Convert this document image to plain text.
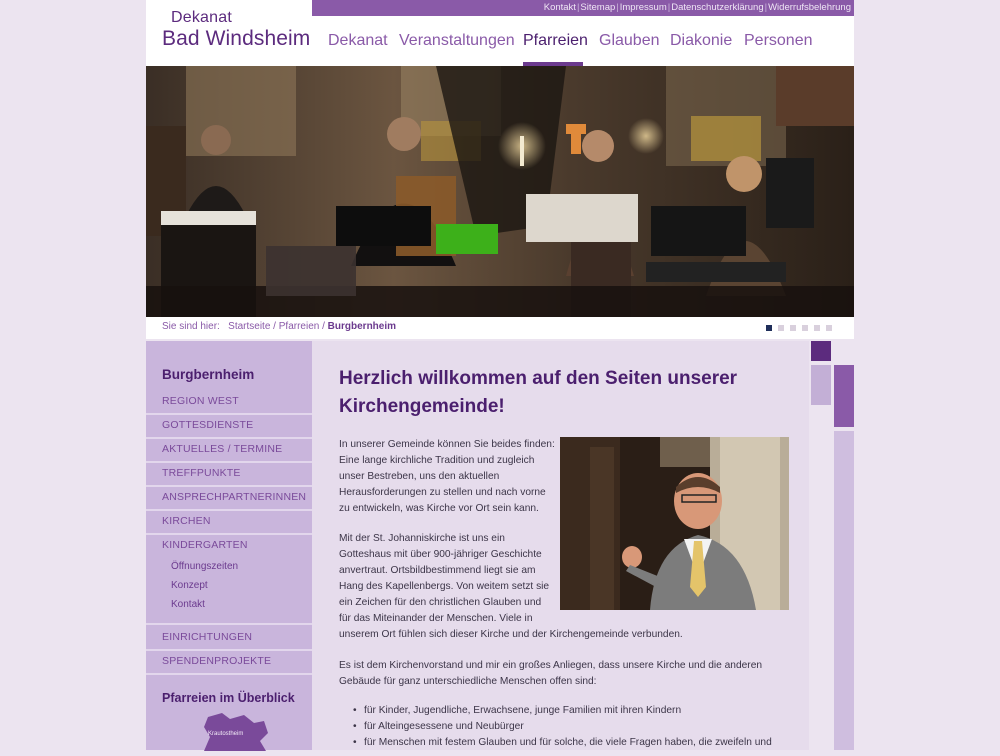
Dekanat
Bad Windsheim
Kontakt|Sitemap|Impressum|Datenschutzerklärung|Widerrufsbelehrung
Dekanat Veranstaltungen Pfarreien Glauben Diakonie Personen
Sie sind hier: Startseite / Pfarreien / Burgbernheim
Burgbernheim
REGION WEST
GOTTESDIENSTE
AKTUELLES / TERMINE
TREFFPUNKTE
ANSPRECHPARTNERINNEN
KIRCHEN
KINDERGARTEN
Öffnungszeiten
Konzept
Kontakt
EINRICHTUNGEN
SPENDENPROJEKTE
Pfarreien im Überblick
Krautostheim
Herzlich willkommen auf den Seiten unserer Kirchengemeinde!

In unserer Gemeinde können Sie beides finden:
Eine lange kirchliche Tradition und zugleich
unser Bestreben, uns den aktuellen
Herausforderungen zu stellen und nach vorne
zu entwickeln, was Kirche vor Ort sein kann.

Mit der St. Johanniskirche ist uns ein
Gotteshaus mit über 900-jähriger Geschichte
anvertraut. Ortsbildbestimmend liegt sie am
Hang des Kapellenbergs. Von weitem setzt sie
ein Zeichen für den christlichen Glauben und
für das Miteinander der Menschen. Viele in
unserem Ort fühlen sich dieser Kirche und der Kirchengemeinde verbunden.

Es ist dem Kirchenvorstand und mir ein großes Anliegen, dass unsere Kirche und die anderen
Gebäude für ganz unterschiedliche Menschen offen sind:

• für Kinder, Jugendliche, Erwachsene, junge Familien mit ihren Kindern
• für Alteingesessene und Neubürger
• für Menschen mit festem Glauben und für solche, die viele Fragen haben, die zweifeln und
